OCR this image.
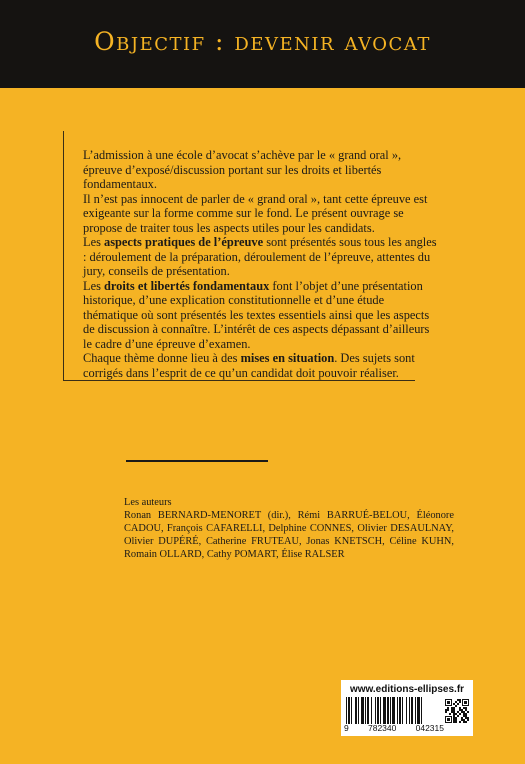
Objectif : devenir avocat

L’admission à une école d’avocat s’achève par le « grand oral », épreuve d’exposé/discussion portant sur les droits et libertés fondamentaux.

Il n’est pas innocent de parler de « grand oral », tant cette épreuve est exigeante sur la forme comme sur le fond. Le présent ouvrage se propose de traiter tous les aspects utiles pour les candidats.

Les aspects pratiques de l’épreuve sont présentés sous tous les angles : déroulement de la préparation, déroulement de l’épreuve, attentes du jury, conseils de présentation.

Les droits et libertés fondamentaux font l’objet d’une présentation historique, d’une explication constitutionnelle et d’une étude thématique où sont présentés les textes essentiels ainsi que les aspects de discussion à connaître. L’intérêt de ces aspects dépassant d’ailleurs le cadre d’une épreuve d’examen.

Chaque thème donne lieu à des mises en situation. Des sujets sont corrigés dans l’esprit de ce qu’un candidat doit pouvoir réaliser.

Les auteurs

Ronan BERNARD-MENORET (dir.), Rémi BARRUÉ-BELOU, Éléonore CADOU, François CAFARELLI, Delphine CONNES, Olivier DESAULNAY, Olivier DUPÉRÉ, Catherine FRUTEAU, Jonas KNETSCH, Céline KUHN, Romain OLLARD, Cathy POMART, Élise RALSER

www.editions-ellipses.fr
9 782340 042315
